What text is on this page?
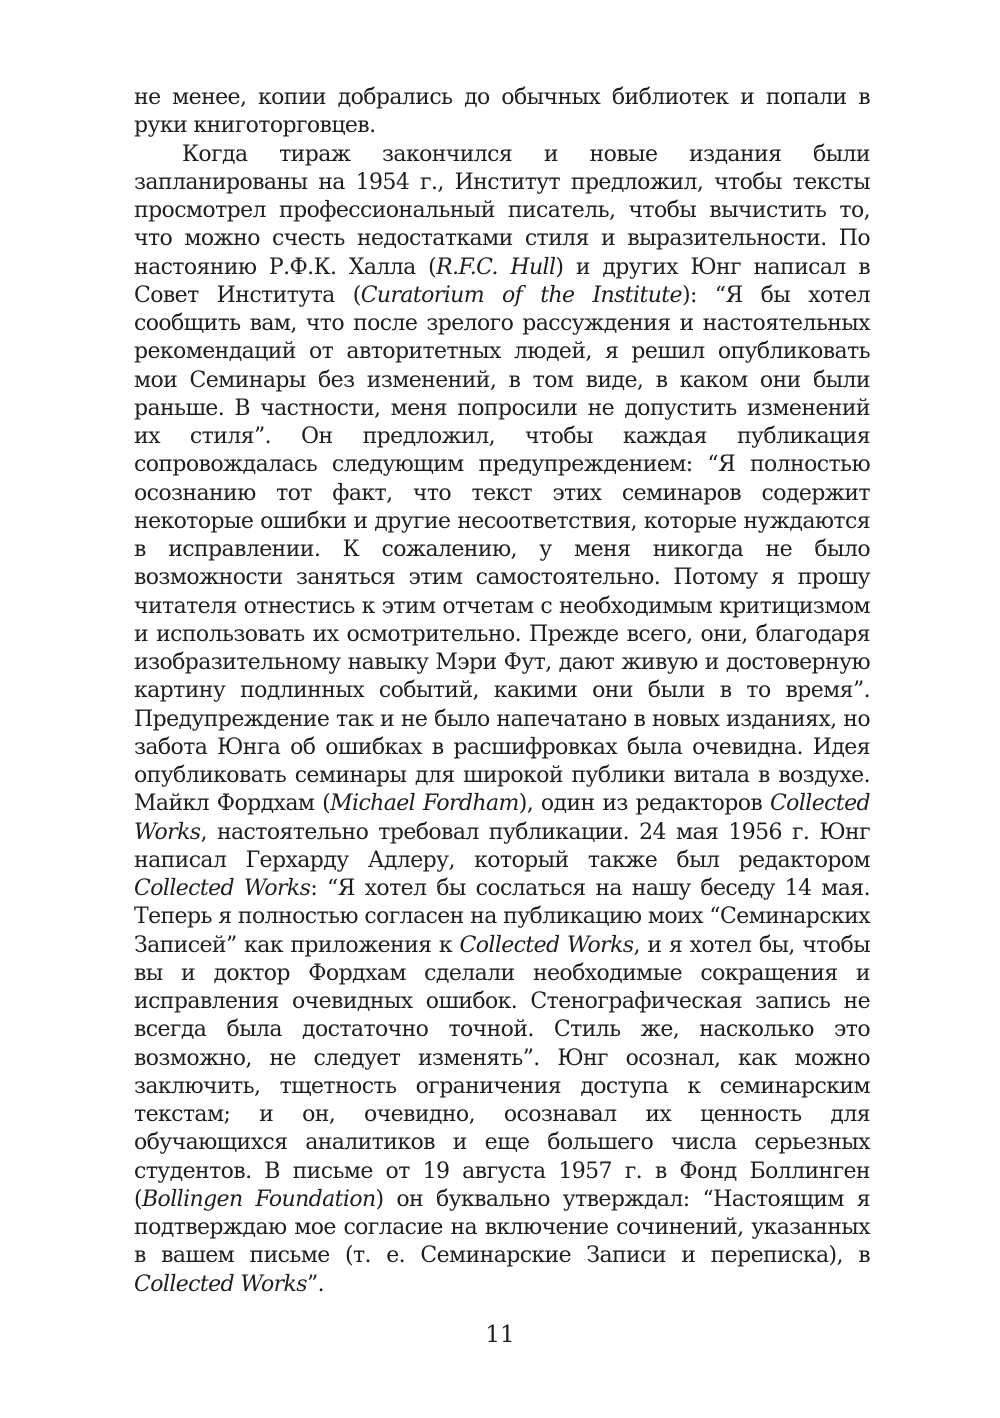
не менее, копии добрались до обычных библиотек и попали в руки книготорговцев.

Когда тираж закончился и новые издания были запланированы на 1954 г., Институт предложил, чтобы тексты просмотрел профессиональный писатель, чтобы вычистить то, что можно счесть недостатками стиля и выразительности. По настоянию Р.Ф.К. Халла (R.F.C. Hull) и других Юнг написал в Совет Института (Curatorium of the Institute): “Я бы хотел сообщить вам, что после зрелого рассуждения и настоятельных рекомендаций от авторитетных людей, я решил опубликовать мои Семинары без изменений, в том виде, в каком они были раньше. В частности, меня попросили не допустить изменений их стиля”. Он предложил, чтобы каждая публикация сопровождалась следующим предупреждением: “Я полностью осознанию тот факт, что текст этих семинаров содержит некоторые ошибки и другие несоответствия, которые нуждаются в исправлении. К сожалению, у меня никогда не было возможности заняться этим самостоятельно. Потому я прошу читателя отнестись к этим отчетам с необходимым критицизмом и использовать их осмотрительно. Прежде всего, они, благодаря изобразительному навыку Мэри Фут, дают живую и достоверную картину подлинных событий, какими они были в то время”. Предупреждение так и не было напечатано в новых изданиях, но забота Юнга об ошибках в расшифровках была очевидна. Идея опубликовать семинары для широкой публики витала в воздухе. Майкл Фордхам (Michael Fordham), один из редакторов Collected Works, настоятельно требовал публикации. 24 мая 1956 г. Юнг написал Герхарду Адлеру, который также был редактором Collected Works: “Я хотел бы сослаться на нашу беседу 14 мая. Теперь я полностью согласен на публикацию моих “Семинарских Записей” как приложения к Collected Works, и я хотел бы, чтобы вы и доктор Фордхам сделали необходимые сокращения и исправления очевидных ошибок. Стенографическая запись не всегда была достаточно точной. Стиль же, насколько это возможно, не следует изменять”. Юнг осознал, как можно заключить, тщетность ограничения доступа к семинарским текстам; и он, очевидно, осознавал их ценность для обучающихся аналитиков и еще большего числа серьезных студентов. В письме от 19 августа 1957 г. в Фонд Боллинген (Bollingen Foundation) он буквально утверждал: “Настоящим я подтверждаю мое согласие на включение сочинений, указанных в вашем письме (т. е. Семинарские Записи и переписка), в Collected Works”.

11
